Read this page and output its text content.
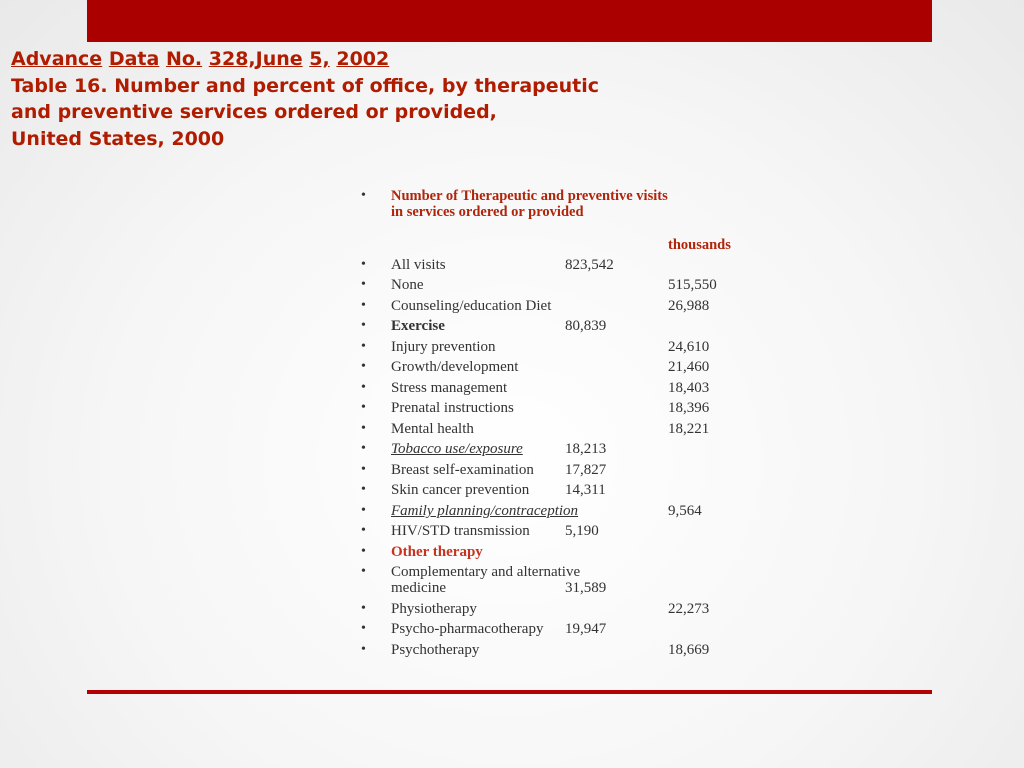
Advance Data No. 328,June 5, 2002
Table 16. Number and percent of office, by therapeutic
and preventive services ordered or provided,
United States, 2000
• Number of Therapeutic and preventive visits
in services ordered or provided
thousands
• All visits	823,542
• None	515,550
• Counseling/education Diet	26,988
• Exercise	80,839
• Injury prevention	24,610
• Growth/development	21,460
• Stress management	18,403
• Prenatal instructions	18,396
• Mental health	18,221
• Tobacco use/exposure	18,213
• Breast self-examination 17,827
• Skin cancer prevention 14,311
• Family planning/contraception	9,564
• HIV/STD transmission 5,190
• Other therapy
• Complementary and alternative
medicine	31,589
• Physiotherapy	22,273
• Psycho-pharmacotherapy 19,947
• Psychotherapy	18,669
